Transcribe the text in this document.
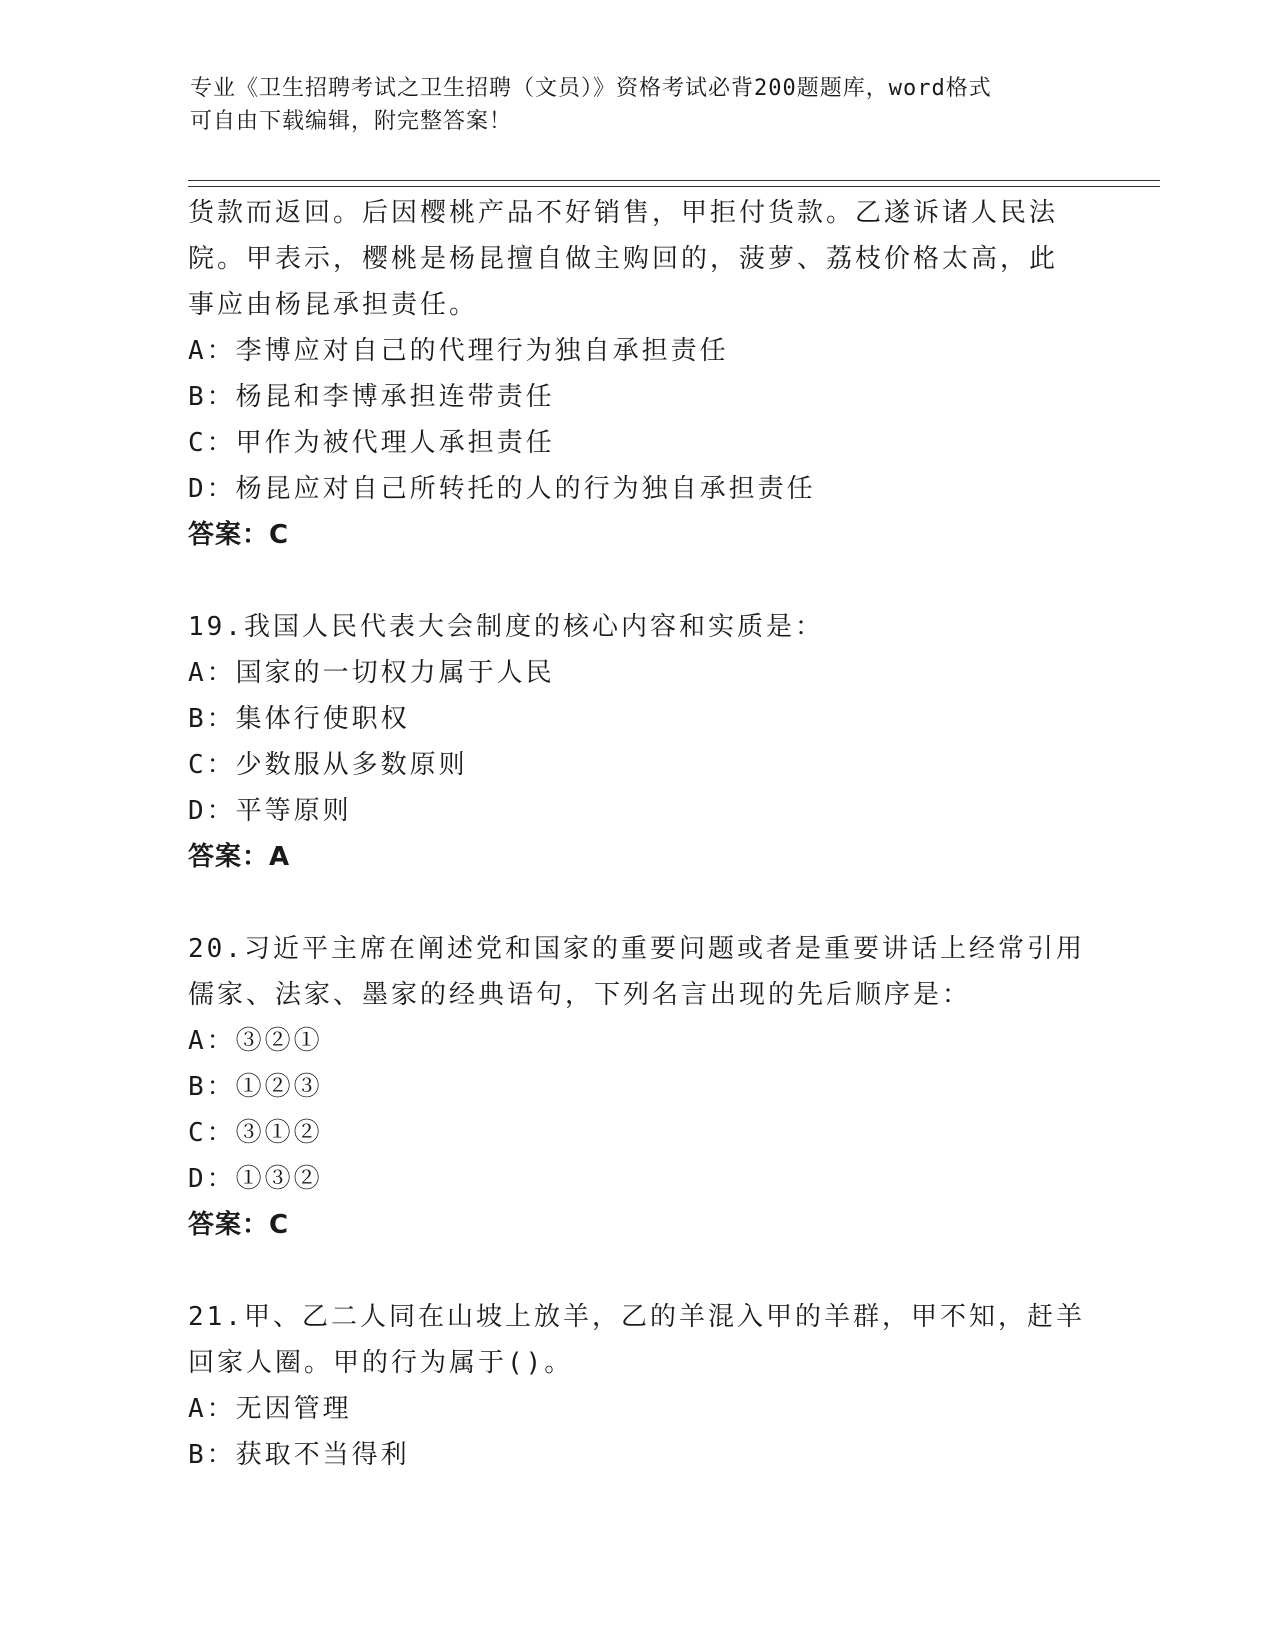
专业《卫生招聘考试之卫生招聘（文员）》资格考试必背200题题库，word格式
可自由下载编辑，附完整答案！
货款而返回。后因樱桃产品不好销售，甲拒付货款。乙遂诉诸人民法
院。甲表示，樱桃是杨昆擅自做主购回的，菠萝、荔枝价格太高，此
事应由杨昆承担责任。
A：李博应对自己的代理行为独自承担责任
B：杨昆和李博承担连带责任
C：甲作为被代理人承担责任
D：杨昆应对自己所转托的人的行为独自承担责任
答案：C
19.我国人民代表大会制度的核心内容和实质是：
A：国家的一切权力属于人民
B：集体行使职权
C：少数服从多数原则
D：平等原则
答案：A
20.习近平主席在阐述党和国家的重要问题或者是重要讲话上经常引用
儒家、法家、墨家的经典语句，下列名言出现的先后顺序是：
A：③②①
B：①②③
C：③①②
D：①③②
答案：C
21.甲、乙二人同在山坡上放羊，乙的羊混入甲的羊群，甲不知，赶羊
回家人圈。甲的行为属于()。
A：无因管理
B：获取不当得利
